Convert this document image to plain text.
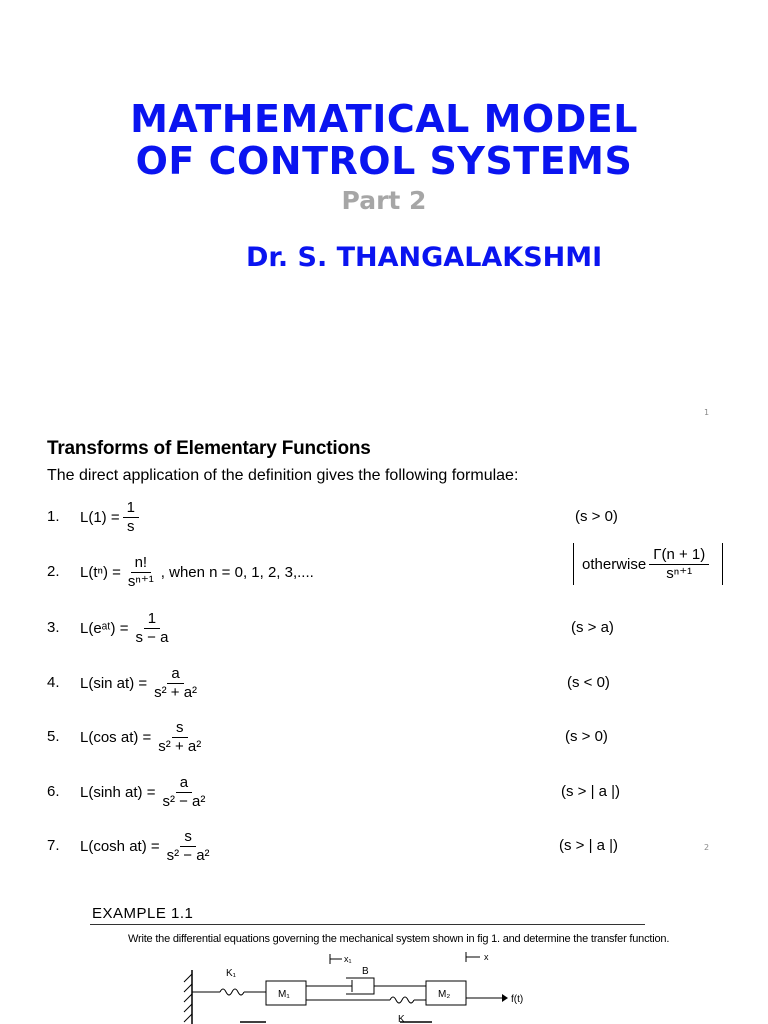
MATHEMATICAL MODEL
OF CONTROL SYSTEMS
Part 2
Dr. S. THANGALAKSHMI
1
Transforms of Elementary Functions
The direct application of the definition gives the following formulae:
1. $L(1) = \frac{1}{s}$	(s > 0)
2. $L(t^n) = \frac{n!}{\text{sⁿ⁺¹}}$ , when n = 0, 1, 2, 3,....	otherwise $\frac{\Gamma(n + 1)}{\text{sⁿ⁺¹}}$
3. L(eᵃᵗ) = $\frac{1}{s - a}$	(s > a)
4. L(sin $at) = \frac{a}{\text{s² + a²}}$	(s < 0)
5. L(cos $at) = \frac{s}{\text{s² + a²}}$	(s > 0)
6. L(sinh $at) = \frac{a}{\text{s² − a²}}$	(s > | a |)
7. L(cosh $at) = \frac{s}{\text{s² − a²}}$	(s > | a |)	2
EXAMPLE 1.1
Write the differential equations governing the mechanical system shown in fig 1. and determine the transfer function.
K₁
M₁
x₁
B
K
M₂
x
f(t)
